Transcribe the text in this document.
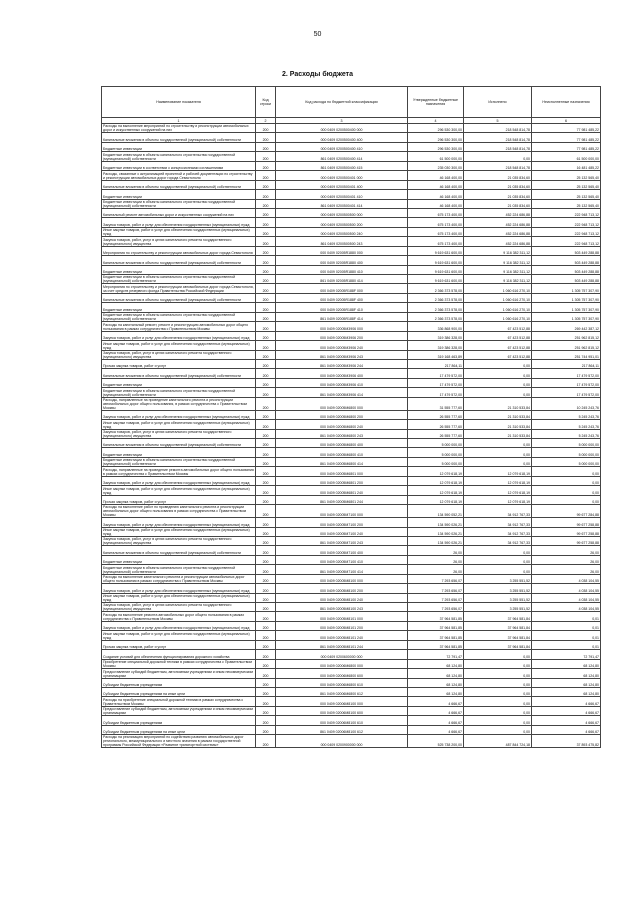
50
2. Расходы бюджета
Наименование показателя	Код строки	Код расхода по бюджетной классификации	Утвержденные бюджетные назначения	Исполнено	Неисполненные назначения
1	2	3	4	5	6
Расходы на выполнение мероприятий по строительству и реконструкции автомобильных дорог и искусственных сооружений на них	200	000 0409 0200500400 000	296 530 300,00	218 548 814,78	77 981 485,22
Капитальные вложения в объекты государственной (муниципальной) собственности	200	000 0409 0200500400 400	296 530 300,00	218 548 814,78	77 981 485,22
Бюджетные инвестиции	200	000 0409 0200500400 410	296 530 300,00	218 548 814,78	77 981 485,22
Бюджетные инвестиции в объекты капитального строительства государственной (муниципальной) собственности	200	861 0409 0200500400 414	61 500 000,00	0,00	61 500 000,00
Бюджетные инвестиции в соответствии с концессионными соглашениями	200	861 0409 0200500400 415	235 030 300,00	218 548 814,78	16 481 485,22
Расходы, связанные с актуализацией проектной и рабочей документации по строительству и реконструкции автомобильных дорог города Севастополя	200	000 0409 0200500401 000	46 168 400,00	21 035 834,60	25 132 565,40
Капитальные вложения в объекты государственной (муниципальной) собственности	200	000 0409 0200500401 400	46 168 400,00	21 035 834,60	25 132 565,40
Бюджетные инвестиции	200	000 0409 0200500401 410	46 168 400,00	21 035 834,60	25 132 565,40
Бюджетные инвестиции в объекты капитального строительства государственной (муниципальной) собственности	200	861 0409 0200500401 414	46 168 400,00	21 035 834,60	25 132 565,40
Капитальный ремонт автомобильных дорог и искусственных сооружений на них	200	000 0409 0200500500 000	675 173 400,00	452 224 686,88	222 948 713,12
Закупка товаров, работ и услуг для обеспечения государственных (муниципальных) нужд	200	000 0409 0200500500 200	675 173 400,00	452 224 686,88	222 948 713,12
Иные закупки товаров, работ и услуг для обеспечения государственных (муниципальных) нужд	200	000 0409 0200500500 240	675 173 400,00	452 224 686,88	222 948 713,12
Закупка товаров, работ, услуг в целях капитального ремонта государственного (муниципального) имущества	200	861 0409 0200500500 243	675 173 400,00	452 224 686,88	222 948 713,12
Мероприятия по строительству и реконструкции автомобильных дорог города Севастополя	200	000 0409 02005R1880 000	9 619 631 600,00	9 116 382 311,12	503 449 288,88
Капитальные вложения в объекты государственной (муниципальной) собственности	200	000 0409 02005R1880 400	9 619 631 600,00	9 116 382 311,12	503 449 288,88
Бюджетные инвестиции	200	000 0409 02005R1880 410	9 619 631 600,00	9 116 382 311,12	503 449 288,88
Бюджетные инвестиции в объекты капитального строительства государственной (муниципальной) собственности	200	861 0409 02005R1880 414	9 619 631 600,00	9 116 382 311,12	503 449 288,88
Мероприятия по строительству и реконструкции автомобильных дорог города Севастополя, за счет средств резервного фонда Правительства Российской Федерации	200	000 0409 02005R188F 000	2 366 373 578,00	1 060 616 270,10	1 305 757 307,90
Капитальные вложения в объекты государственной (муниципальной) собственности	200	000 0409 02005R188F 400	2 366 373 578,00	1 060 616 270,10	1 305 757 307,90
Бюджетные инвестиции	200	000 0409 02005R188F 410	2 366 373 578,00	1 060 616 270,10	1 305 757 307,90
Бюджетные инвестиции в объекты капитального строительства государственной (муниципальной) собственности	200	861 0409 02005R188F 414	2 366 373 578,00	1 060 616 270,10	1 305 757 307,90
Расходы на капитальный ремонт, ремонт и реконструкцию автомобильных дорог общего пользования в рамках сотрудничества с Правительством Москвы	200	000 0409 02005M3906 000	336 868 900,00	67 423 512,88	269 442 387,12
Закупка товаров, работ и услуг для обеспечения государственных (муниципальных) нужд	200	000 0409 02005M3906 200	319 386 328,00	67 423 512,88	251 962 815,12
Иные закупки товаров, работ и услуг для обеспечения государственных (муниципальных) нужд	200	000 0409 02005M3906 240	319 386 328,00	67 423 512,88	251 962 815,12
Закупка товаров, работ, услуг в целях капитального ремонта государственного (муниципального) имущества	200	861 0409 02005M3906 243	319 168 463,89	67 423 512,88	251 744 951,01
Прочая закупка товаров, работ и услуг	200	861 0409 02005M3906 244	217 864,11	0,00	217 864,11
Капитальные вложения в объекты государственной (муниципальной) собственности	200	000 0409 02005M3906 400	17 479 572,00	0,00	17 479 572,00
Бюджетные инвестиции	200	000 0409 02005M3906 410	17 479 572,00	0,00	17 479 572,00
Бюджетные инвестиции в объекты капитального строительства государственной (муниципальной) собственности	200	861 0409 02005M3906 414	17 479 572,00	0,00	17 479 572,00
Расходы, направленные на проведение капитального ремонта и реконструкции автомобильных дорог общего пользования, в рамках сотрудничества с Правительством Москвы	200	000 0409 02005M6800 000	31 555 777,60	21 310 533,84	10 245 243,76
Закупка товаров, работ и услуг для обеспечения государственных (муниципальных) нужд	200	000 0409 02005M6800 200	26 555 777,60	21 310 533,84	5 245 243,76
Иные закупки товаров, работ и услуг для обеспечения государственных (муниципальных) нужд	200	000 0409 02005M6800 240	26 555 777,60	21 310 533,84	5 245 243,76
Закупка товаров, работ, услуг в целях капитального ремонта государственного (муниципального) имущества	200	861 0409 02005M6800 243	26 555 777,60	21 310 533,84	5 245 243,76
Капитальные вложения в объекты государственной (муниципальной) собственности	200	000 0409 02005M6800 400	5 000 000,00	0,00	5 000 000,00
Бюджетные инвестиции	200	000 0409 02005M6800 410	5 000 000,00	0,00	5 000 000,00
Бюджетные инвестиции в объекты капитального строительства государственной (муниципальной) собственности	200	861 0409 02005M6800 414	5 000 000,00	0,00	5 000 000,00
Расходы, направленные на проведение ремонта автомобильных дорог общего пользования в рамках сотрудничества с Правительством Москвы	200	000 0409 02005M6801 000	12 079 618,19	12 079 618,19	0,00
Закупка товаров, работ и услуг для обеспечения государственных (муниципальных) нужд	200	000 0409 02005M6801 200	12 079 618,19	12 079 618,19	0,00
Иные закупки товаров, работ и услуг для обеспечения государственных (муниципальных) нужд	200	000 0409 02005M6801 240	12 079 618,19	12 079 618,19	0,00
Прочая закупка товаров, работ и услуг	200	861 0409 02005M6801 244	12 079 618,19	12 079 618,19	0,00
Расходы на выполнение работ по проведению капитального ремонта и реконструкции автомобильных дорог общего пользования в рамках сотрудничества с Правительством Москвы	200	000 0409 02005M7100 000	134 590 052,21	34 912 767,33	99 677 284,88
Закупка товаров, работ и услуг для обеспечения государственных (муниципальных) нужд	200	000 0409 02005M7100 200	134 590 026,21	34 912 767,33	99 677 258,88
Иные закупки товаров, работ и услуг для обеспечения государственных (муниципальных) нужд	200	000 0409 02005M7100 240	134 590 026,21	34 912 767,33	99 677 258,88
Закупка товаров, работ, услуг в целях капитального ремонта государственного (муниципального) имущества	200	861 0409 02005M7100 243	134 590 026,21	34 912 767,33	99 677 258,88
Капитальные вложения в объекты государственной (муниципальной) собственности	200	000 0409 02005M7100 400	26,00	0,00	26,00
Бюджетные инвестиции	200	000 0409 02005M7100 410	26,00	0,00	26,00
Бюджетные инвестиции в объекты капитального строительства государственной (муниципальной) собственности	200	861 0409 02005M7100 414	26,00	0,00	26,00
Расходы на выполнение капитального ремонта и реконструкции автомобильных дорог общего пользования в рамках сотрудничества с Правительством Москвы	200	000 0409 02005M8100 000	7 293 656,07	3 255 551,52	4 038 104,55
Закупка товаров, работ и услуг для обеспечения государственных (муниципальных) нужд	200	000 0409 02005M8100 200	7 293 656,07	3 255 551,52	4 038 104,55
Иные закупки товаров, работ и услуг для обеспечения государственных (муниципальных) нужд	200	000 0409 02005M8100 240	7 293 656,07	3 255 551,52	4 038 104,55
Закупка товаров, работ, услуг в целях капитального ремонта государственного (муниципального) имущества	200	861 0409 02005M8100 243	7 293 656,07	3 255 551,52	4 038 104,55
Расходы на выполнение ремонта автомобильных дорог общего пользования в рамках сотрудничества с Правительством Москвы	200	000 0409 02005M8101 000	37 964 581,85	37 964 581,84	0,01
Закупка товаров, работ и услуг для обеспечения государственных (муниципальных) нужд	200	000 0409 02005M8101 200	37 964 581,85	37 964 581,84	0,01
Иные закупки товаров, работ и услуг для обеспечения государственных (муниципальных) нужд	200	000 0409 02005M8101 240	37 964 581,85	37 964 581,84	0,01
Прочая закупка товаров, работ и услуг	200	861 0409 02005M8101 244	37 964 581,85	37 964 581,84	0,01
Создание условий для обеспечения функционирования дорожного хозяйства	200	000 0409 0200600000 000	72 791,47	0,00	72 791,47
Приобретение специальной дорожной техники в рамках сотрудничества с Правительством Москвы	200	000 0409 02006M6800 000	68 124,80	0,00	68 124,80
Предоставление субсидий бюджетным, автономным учреждениям и иным некоммерческим организациям	200	000 0409 02006M6800 600	68 124,80	0,00	68 124,80
Субсидии бюджетным учреждениям	200	000 0409 02006M6800 610	68 124,80	0,00	68 124,80
Субсидии бюджетным учреждениям на иные цели	200	861 0409 02006M6800 612	68 124,80	0,00	68 124,80
Расходы на приобретение специальной дорожной техники в рамках сотрудничества с Правительством Москвы	200	000 0409 02006M8100 000	4 666,67	0,00	4 666,67
Предоставление субсидий бюджетным, автономным учреждениям и иным некоммерческим организациям	200	000 0409 02006M8100 600	4 666,67	0,00	4 666,67
Субсидии бюджетным учреждениям	200	000 0409 02006M8100 610	4 666,67	0,00	4 666,67
Субсидии бюджетным учреждениям на иные цели	200	861 0409 02006M8100 612	4 666,67	0,00	4 666,67
Расходы на реализацию мероприятий по содействию развитию автомобильных дорог регионального, межмуниципального и местного значения в рамках государственной программы Российской Федерации «Развитие транспортной системы»	200	000 0409 0200900000 000	525 738 200,00	487 844 724,18	37 893 475,82
